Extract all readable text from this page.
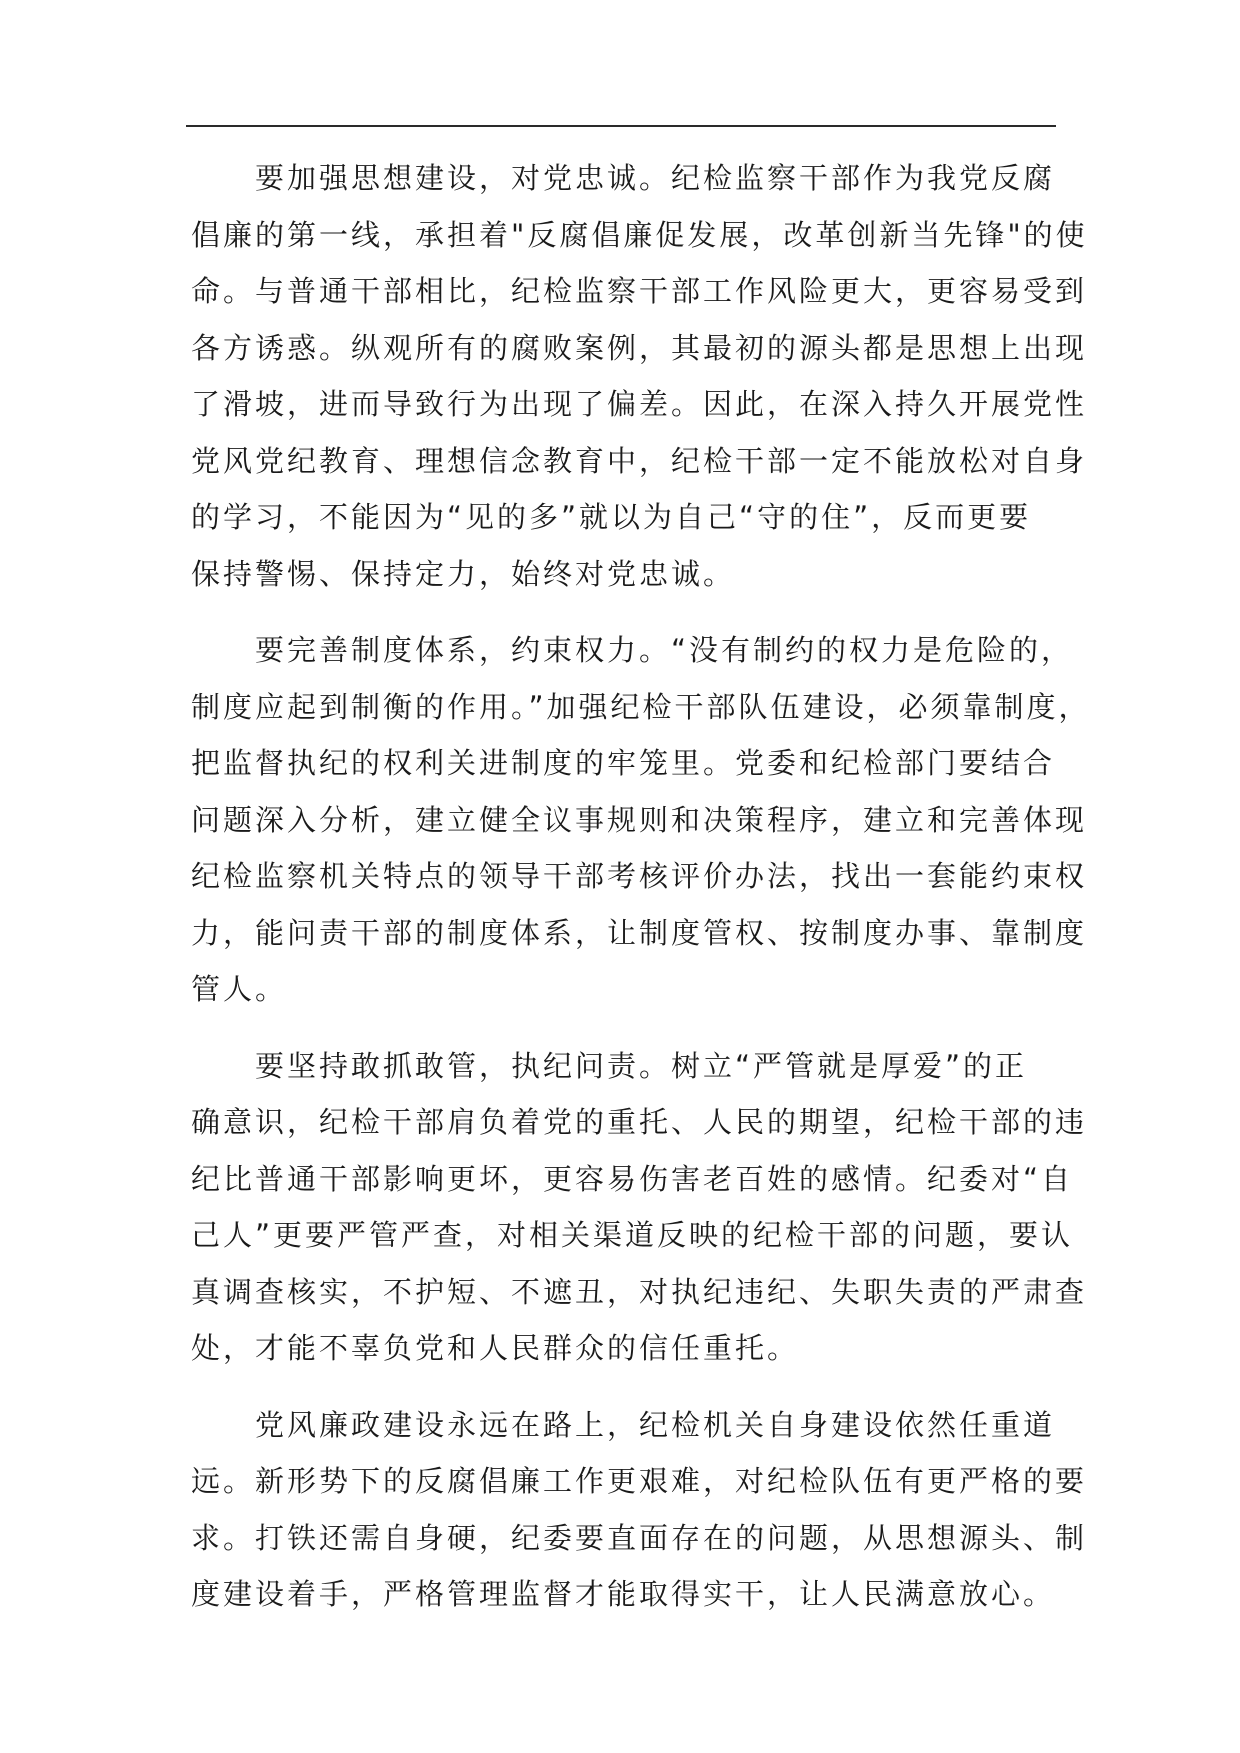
　　要加强思想建设，对党忠诚。纪检监察干部作为我党反腐
倡廉的第一线，承担着"反腐倡廉促发展，改革创新当先锋"的使
命。与普通干部相比，纪检监察干部工作风险更大，更容易受到
各方诱惑。纵观所有的腐败案例，其最初的源头都是思想上出现
了滑坡，进而导致行为出现了偏差。因此，在深入持久开展党性
党风党纪教育、理想信念教育中，纪检干部一定不能放松对自身
的学习，不能因为“见的多”就以为自己“守的住”，反而更要
保持警惕、保持定力，始终对党忠诚。
　　要完善制度体系，约束权力。“没有制约的权力是危险的，
制度应起到制衡的作用。”加强纪检干部队伍建设，必须靠制度，
把监督执纪的权利关进制度的牢笼里。党委和纪检部门要结合
问题深入分析，建立健全议事规则和决策程序，建立和完善体现
纪检监察机关特点的领导干部考核评价办法，找出一套能约束权
力，能问责干部的制度体系，让制度管权、按制度办事、靠制度
管人。
　　要坚持敢抓敢管，执纪问责。树立“严管就是厚爱”的正
确意识，纪检干部肩负着党的重托、人民的期望，纪检干部的违
纪比普通干部影响更坏，更容易伤害老百姓的感情。纪委对“自
己人”更要严管严查，对相关渠道反映的纪检干部的问题，要认
真调查核实，不护短、不遮丑，对执纪违纪、失职失责的严肃查
处，才能不辜负党和人民群众的信任重托。
　　党风廉政建设永远在路上，纪检机关自身建设依然任重道
远。新形势下的反腐倡廉工作更艰难，对纪检队伍有更严格的要
求。打铁还需自身硬，纪委要直面存在的问题，从思想源头、制
度建设着手，严格管理监督才能取得实干，让人民满意放心。
